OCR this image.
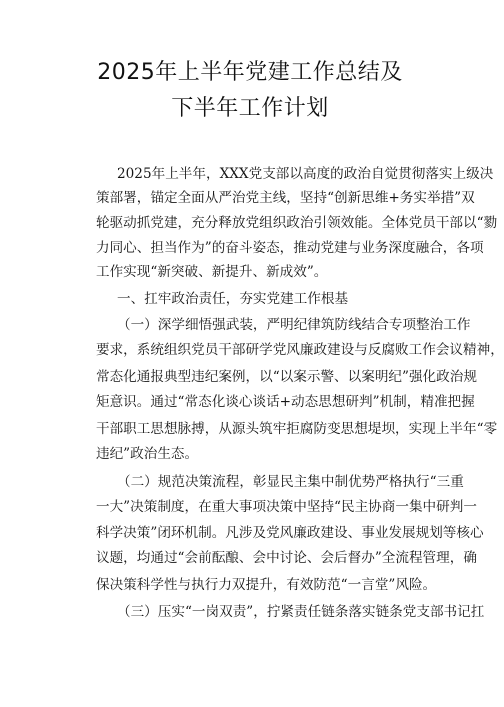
2025年上半年党建工作总结及
下半年工作计划

2025年上半年，XXX党支部以高度的政治自觉贯彻落实上级决

策部署，锚定全面从严治党主线，坚持“创新思维+务实举措”双

轮驱动抓党建，充分释放党组织政治引领效能。全体党员干部以“勠

力同心、担当作为”的奋斗姿态，推动党建与业务深度融合，各项

工作实现“新突破、新提升、新成效”。

一、扛牢政治责任，夯实党建工作根基

（一）深学细悟强武装，严明纪律筑防线结合专项整治工作

要求，系统组织党员干部研学党风廉政建设与反腐败工作会议精神，

常态化通报典型违纪案例，以“以案示警、以案明纪”强化政治规

矩意识。通过“常态化谈心谈话+动态思想研判”机制，精准把握

干部职工思想脉搏，从源头筑牢拒腐防变思想堤坝，实现上半年“零

违纪”政治生态。

（二）规范决策流程，彰显民主集中制优势严格执行“三重

一大”决策制度，在重大事项决策中坚持“民主协商一集中研判一

科学决策”闭环机制。凡涉及党风廉政建设、事业发展规划等核心

议题，均通过“会前酝酿、会中讨论、会后督办”全流程管理，确

保决策科学性与执行力双提升，有效防范“一言堂”风险。

（三）压实“一岗双责”，拧紧责任链条落实链条党支部书记扛
